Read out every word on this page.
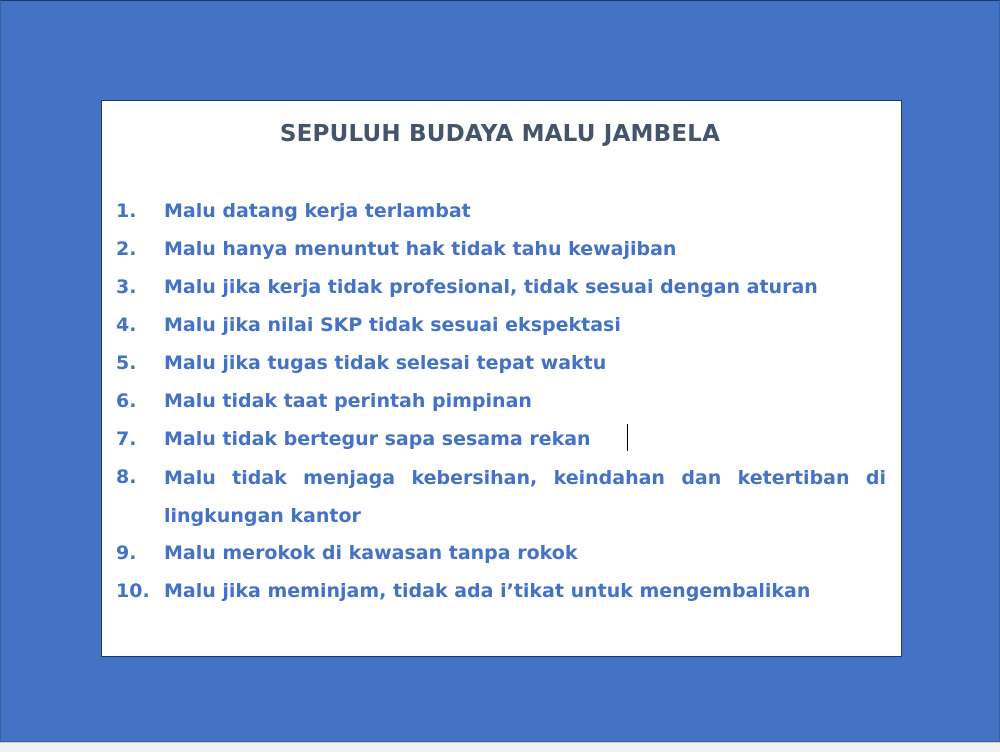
SEPULUH BUDAYA MALU JAMBELA
1.	Malu datang kerja terlambat
2.	Malu hanya menuntut hak tidak tahu kewajiban
3.	Malu jika kerja tidak profesional, tidak sesuai dengan aturan
4.	Malu jika nilai SKP tidak sesuai ekspektasi
5.	Malu jika tugas tidak selesai tepat waktu
6.	Malu tidak taat perintah pimpinan
7.	Malu tidak bertegur sapa sesama rekan
8.	Malu tidak menjaga kebersihan, keindahan dan ketertiban di lingkungan kantor
9.	Malu merokok di kawasan tanpa rokok
10. Malu jika meminjam, tidak ada i’tikat untuk mengembalikan
